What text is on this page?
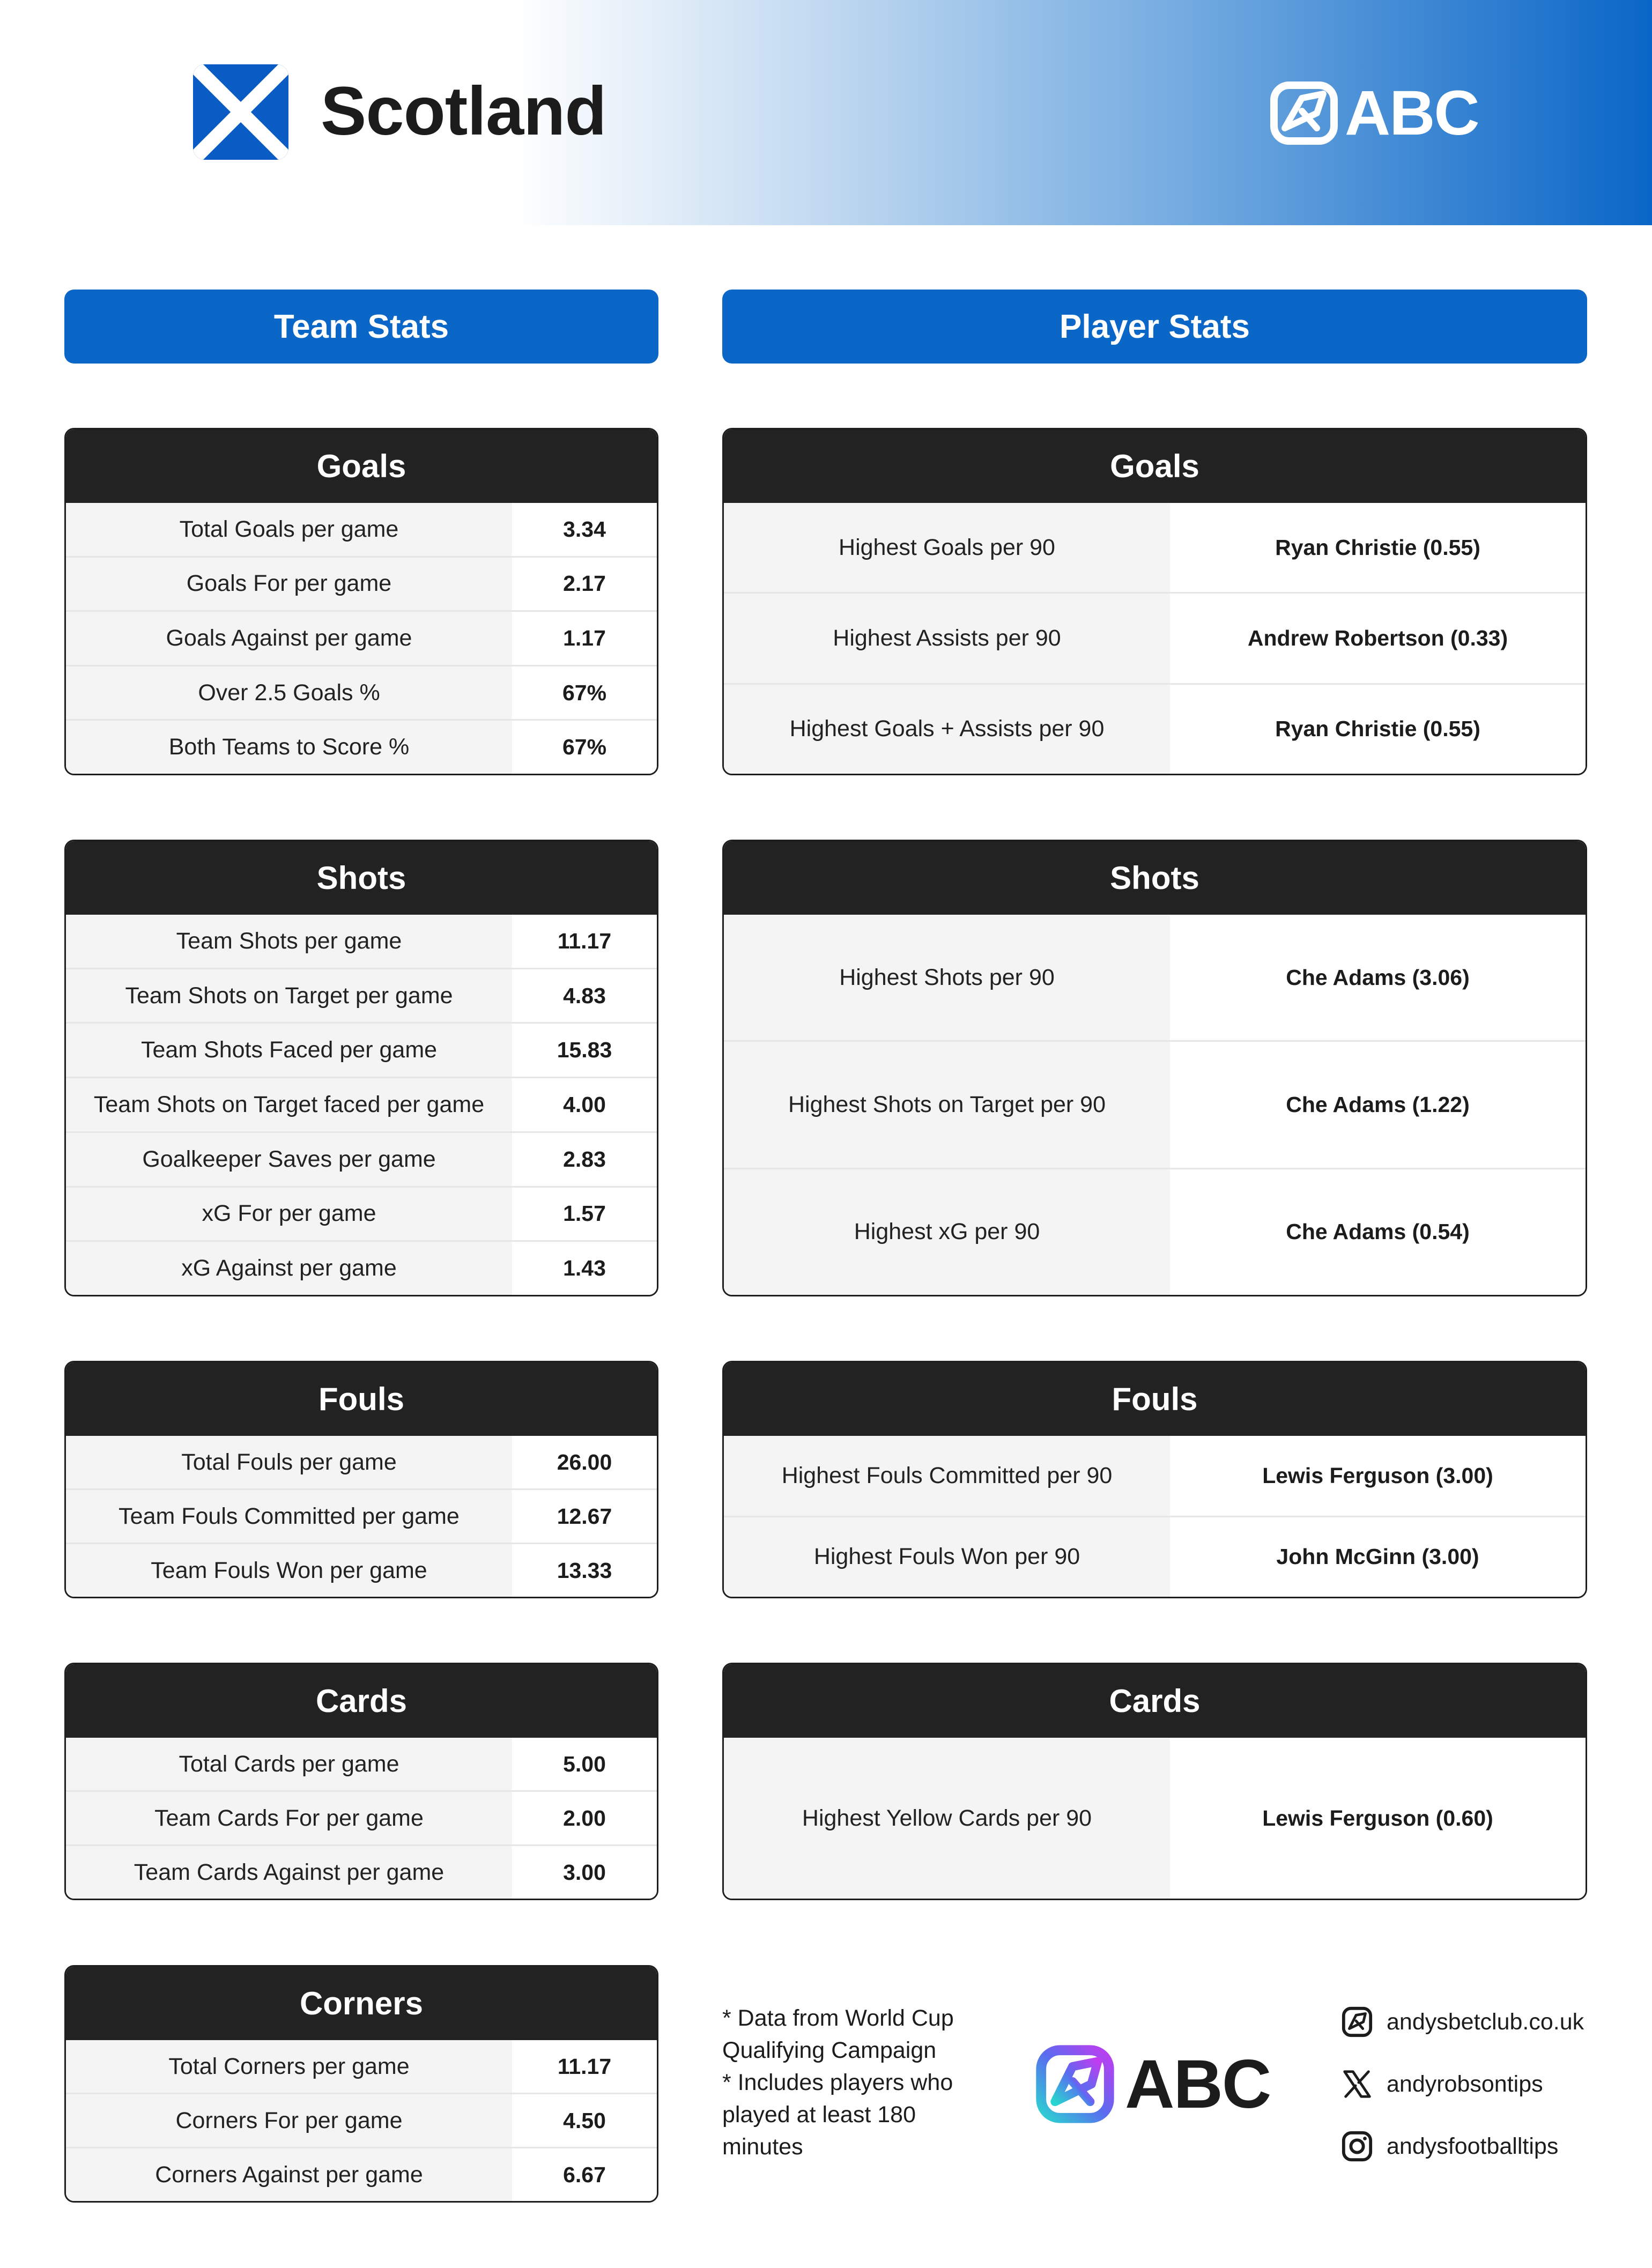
Scotland	ABC
Team Stats	Player Stats
Goals
Total Goals per game	3.34
Goals For per game	2.17
Goals Against per game	1.17
Over 2.5 Goals %	67%
Both Teams to Score %	67%
Shots
Team Shots per game	11.17
Team Shots on Target per game	4.83
Team Shots Faced per game	15.83
Team Shots on Target faced per game	4.00
Goalkeeper Saves per game	2.83
xG For per game	1.57
xG Against per game	1.43
Fouls
Total Fouls per game	26.00
Team Fouls Committed per game	12.67
Team Fouls Won per game	13.33
Cards
Total Cards per game	5.00
Team Cards For per game	2.00
Team Cards Against per game	3.00
Corners
Total Corners per game	11.17
Corners For per game	4.50
Corners Against per game	6.67
Goals
Highest Goals per 90	Ryan Christie (0.55)
Highest Assists per 90	Andrew Robertson (0.33)
Highest Goals + Assists per 90	Ryan Christie (0.55)
Shots
Highest Shots per 90	Che Adams (3.06)
Highest Shots on Target per 90	Che Adams (1.22)
Highest xG per 90	Che Adams (0.54)
Fouls
Highest Fouls Committed per 90	Lewis Ferguson (3.00)
Highest Fouls Won per 90	John McGinn (3.00)
Cards
Highest Yellow Cards per 90	Lewis Ferguson (0.60)
* Data from World Cup
Qualifying Campaign
* Includes players who
played at least 180
minutes
ABC
andysbetclub.co.uk
andyrobsontips
andysfootballtips
